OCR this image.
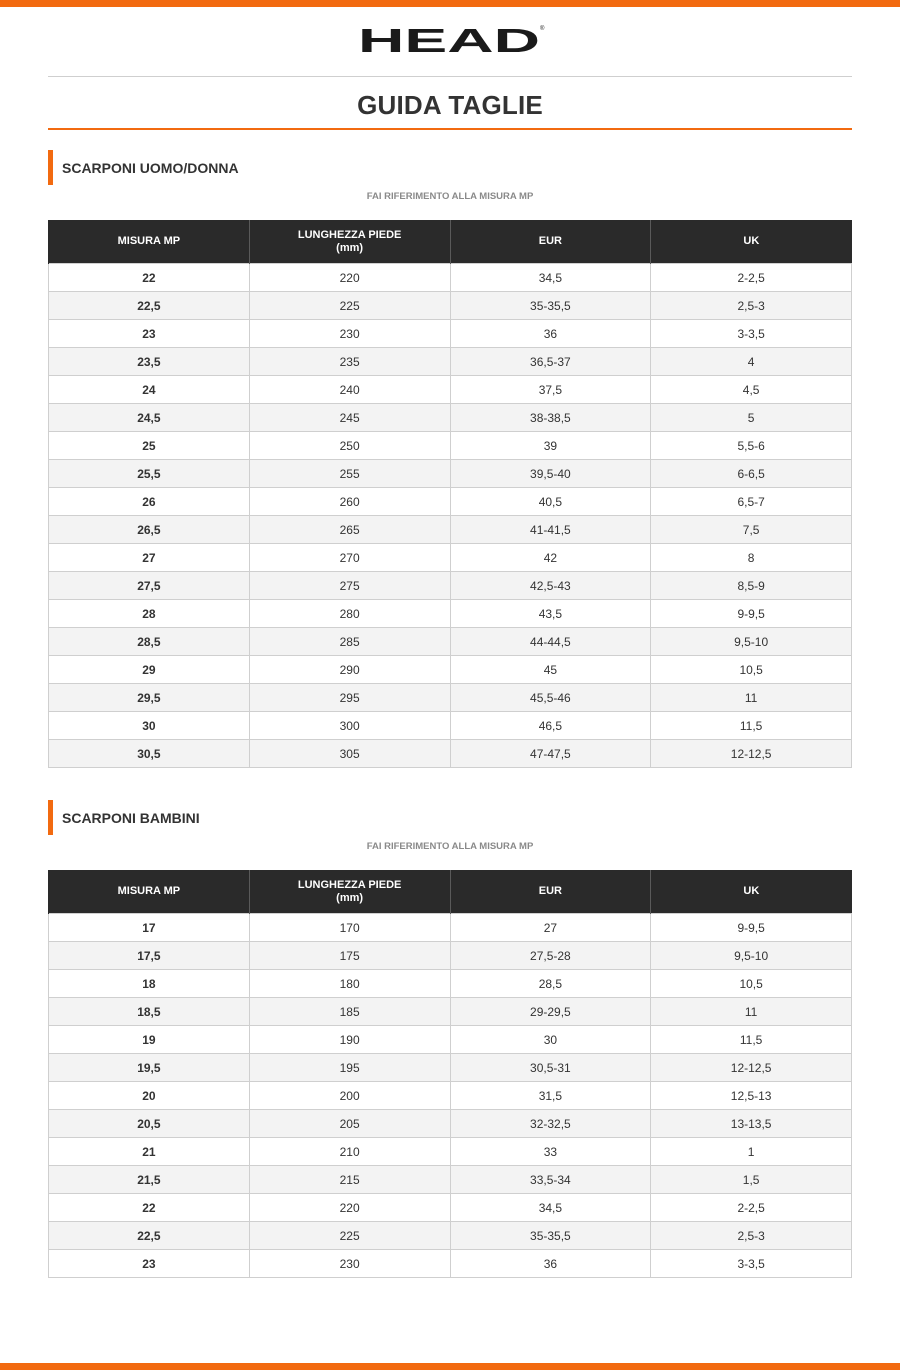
HEAD ®
GUIDA TAGLIE
SCARPONI UOMO/DONNA
FAI RIFERIMENTO ALLA MISURA MP
MISURA MP	LUNGHEZZA PIEDE (mm)	EUR	UK
22	220	34,5	2-2,5
22,5	225	35-35,5	2,5-3
23	230	36	3-3,5
23,5	235	36,5-37	4
24	240	37,5	4,5
24,5	245	38-38,5	5
25	250	39	5,5-6
25,5	255	39,5-40	6-6,5
26	260	40,5	6,5-7
26,5	265	41-41,5	7,5
27	270	42	8
27,5	275	42,5-43	8,5-9
28	280	43,5	9-9,5
28,5	285	44-44,5	9,5-10
29	290	45	10,5
29,5	295	45,5-46	11
30	300	46,5	11,5
30,5	305	47-47,5	12-12,5
SCARPONI BAMBINI
FAI RIFERIMENTO ALLA MISURA MP
MISURA MP	LUNGHEZZA PIEDE (mm)	EUR	UK
17	170	27	9-9,5
17,5	175	27,5-28	9,5-10
18	180	28,5	10,5
18,5	185	29-29,5	11
19	190	30	11,5
19,5	195	30,5-31	12-12,5
20	200	31,5	12,5-13
20,5	205	32-32,5	13-13,5
21	210	33	1
21,5	215	33,5-34	1,5
22	220	34,5	2-2,5
22,5	225	35-35,5	2,5-3
23	230	36	3-3,5
